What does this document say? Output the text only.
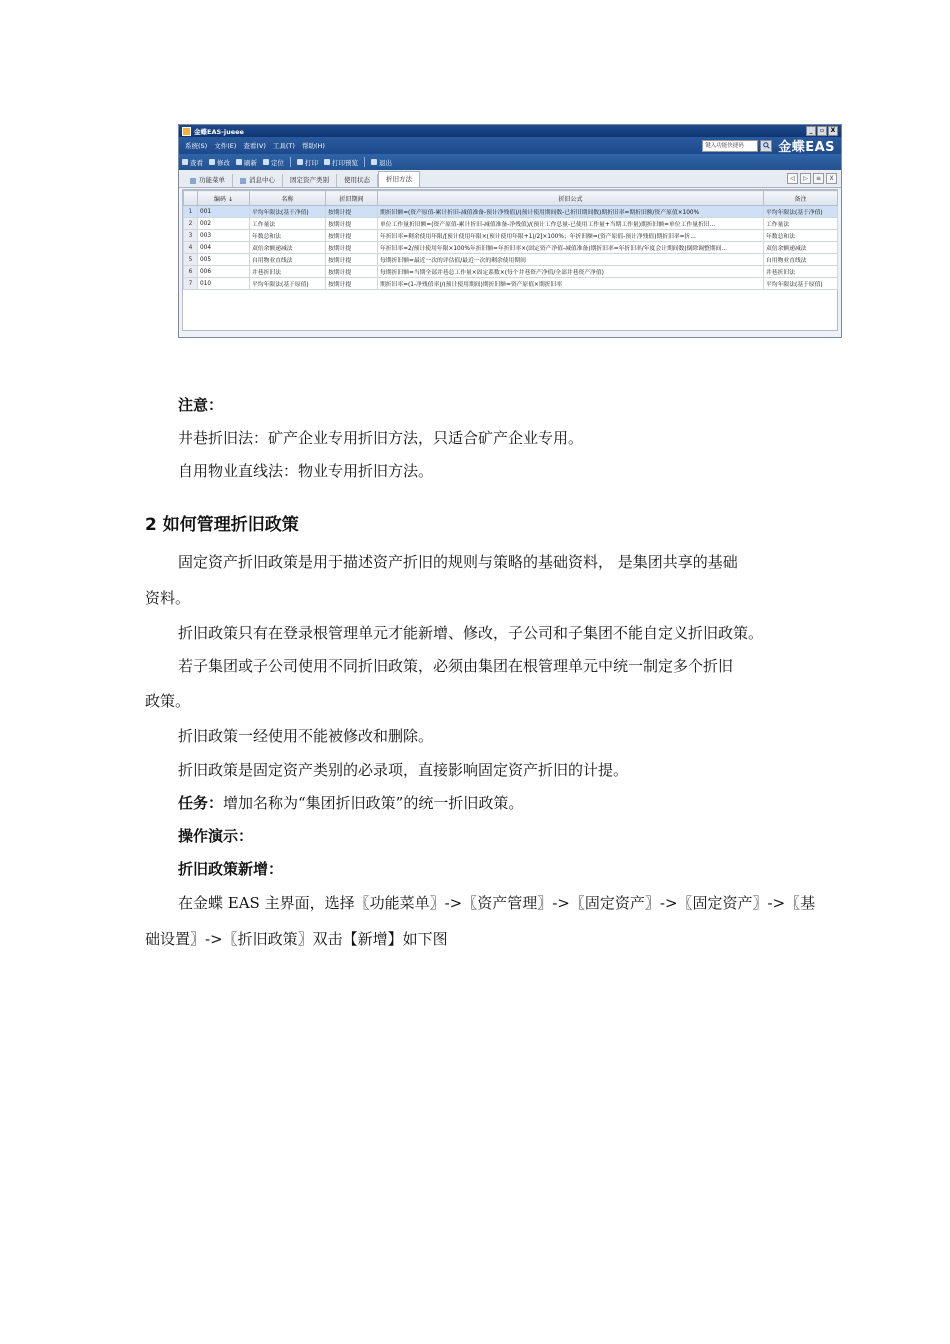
金蝶EAS-jueee	_	▫	X
系统(S) 文件(E) 查看(V) 工具(T) 帮助(H)	键入功能快捷码	金蝶EAS
查看 修改 刷新 定位	打印 打印预览	退出
功能菜单	消息中心 固定资产类别 使用状态 折旧方法	◁	▷	≡	X
	编码 ↓	名称	折旧期间	折旧公式	备注
1	001	平均年限法(基于净值)	按期计提	期折旧额=(资产原值-累计折旧-减值准备-预计净残值)/(预计使用期间数-已折旧期间数)期折旧率=期折旧额/资产原值×100%	平均年限法(基于净值)
2	002	工作量法	按期计提	单位工作量折旧额=(资产原值-累计折旧-减值准备-净残值)/(预计工作总量-已使用工作量+当期工作量)期折旧额=单位工作量折旧...	工作量法
3	003	年数总和法	按期计提	年折旧率=剩余使用年限/[预计使用年限×(预计使用年限+1)/2]×100%；年折旧额=(资产原值-预计净残值)期折旧率=折...	年数总和法
4	004	双倍余额递减法	按期计提	年折旧率=2/预计使用年限×100%年折旧额=年折旧率×(固定资产净值-减值准备)期折旧率=年折旧率/年度会计期间数(倒除调整期间...	双倍余额递减法
5	005	自用物业直线法	按期计提	每期折旧额=最近一次的评估值/最近一次的剩余使用期间	自用物业直线法
6	006	井巷折旧法	按期计提	每期折旧额=当期全部井巷总工作量×固定系数×(每个井巷资产净值/全部井巷资产净值)	井巷折旧法
7	010	平均年限法(基于原值)	按期计提	期折旧率=(1-净残值率)/(预计使用期间)期折旧额=资产原值×期折旧率	平均年限法(基于原值)
注意：
井巷折旧法：矿产企业专用折旧方法，只适合矿产企业专用。
自用物业直线法：物业专用折旧方法。
2 如何管理折旧政策
固定资产折旧政策是用于描述资产折旧的规则与策略的基础资料， 是集团共享的基础
资料。
折旧政策只有在登录根管理单元才能新增、修改，子公司和子集团不能自定义折旧政策。
若子集团或子公司使用不同折旧政策，必须由集团在根管理单元中统一制定多个折旧
政策。
折旧政策一经使用不能被修改和删除。
折旧政策是固定资产类别的必录项，直接影响固定资产折旧的计提。
任务：增加名称为“集团折旧政策”的统一折旧政策。
操作演示：
折旧政策新增：
在金蝶 EAS 主界面，选择〖功能菜单〗->〖资产管理〗->〖固定资产〗->〖固定资产〗->〖基
础设置〗->〖折旧政策〗双击【新增】如下图
